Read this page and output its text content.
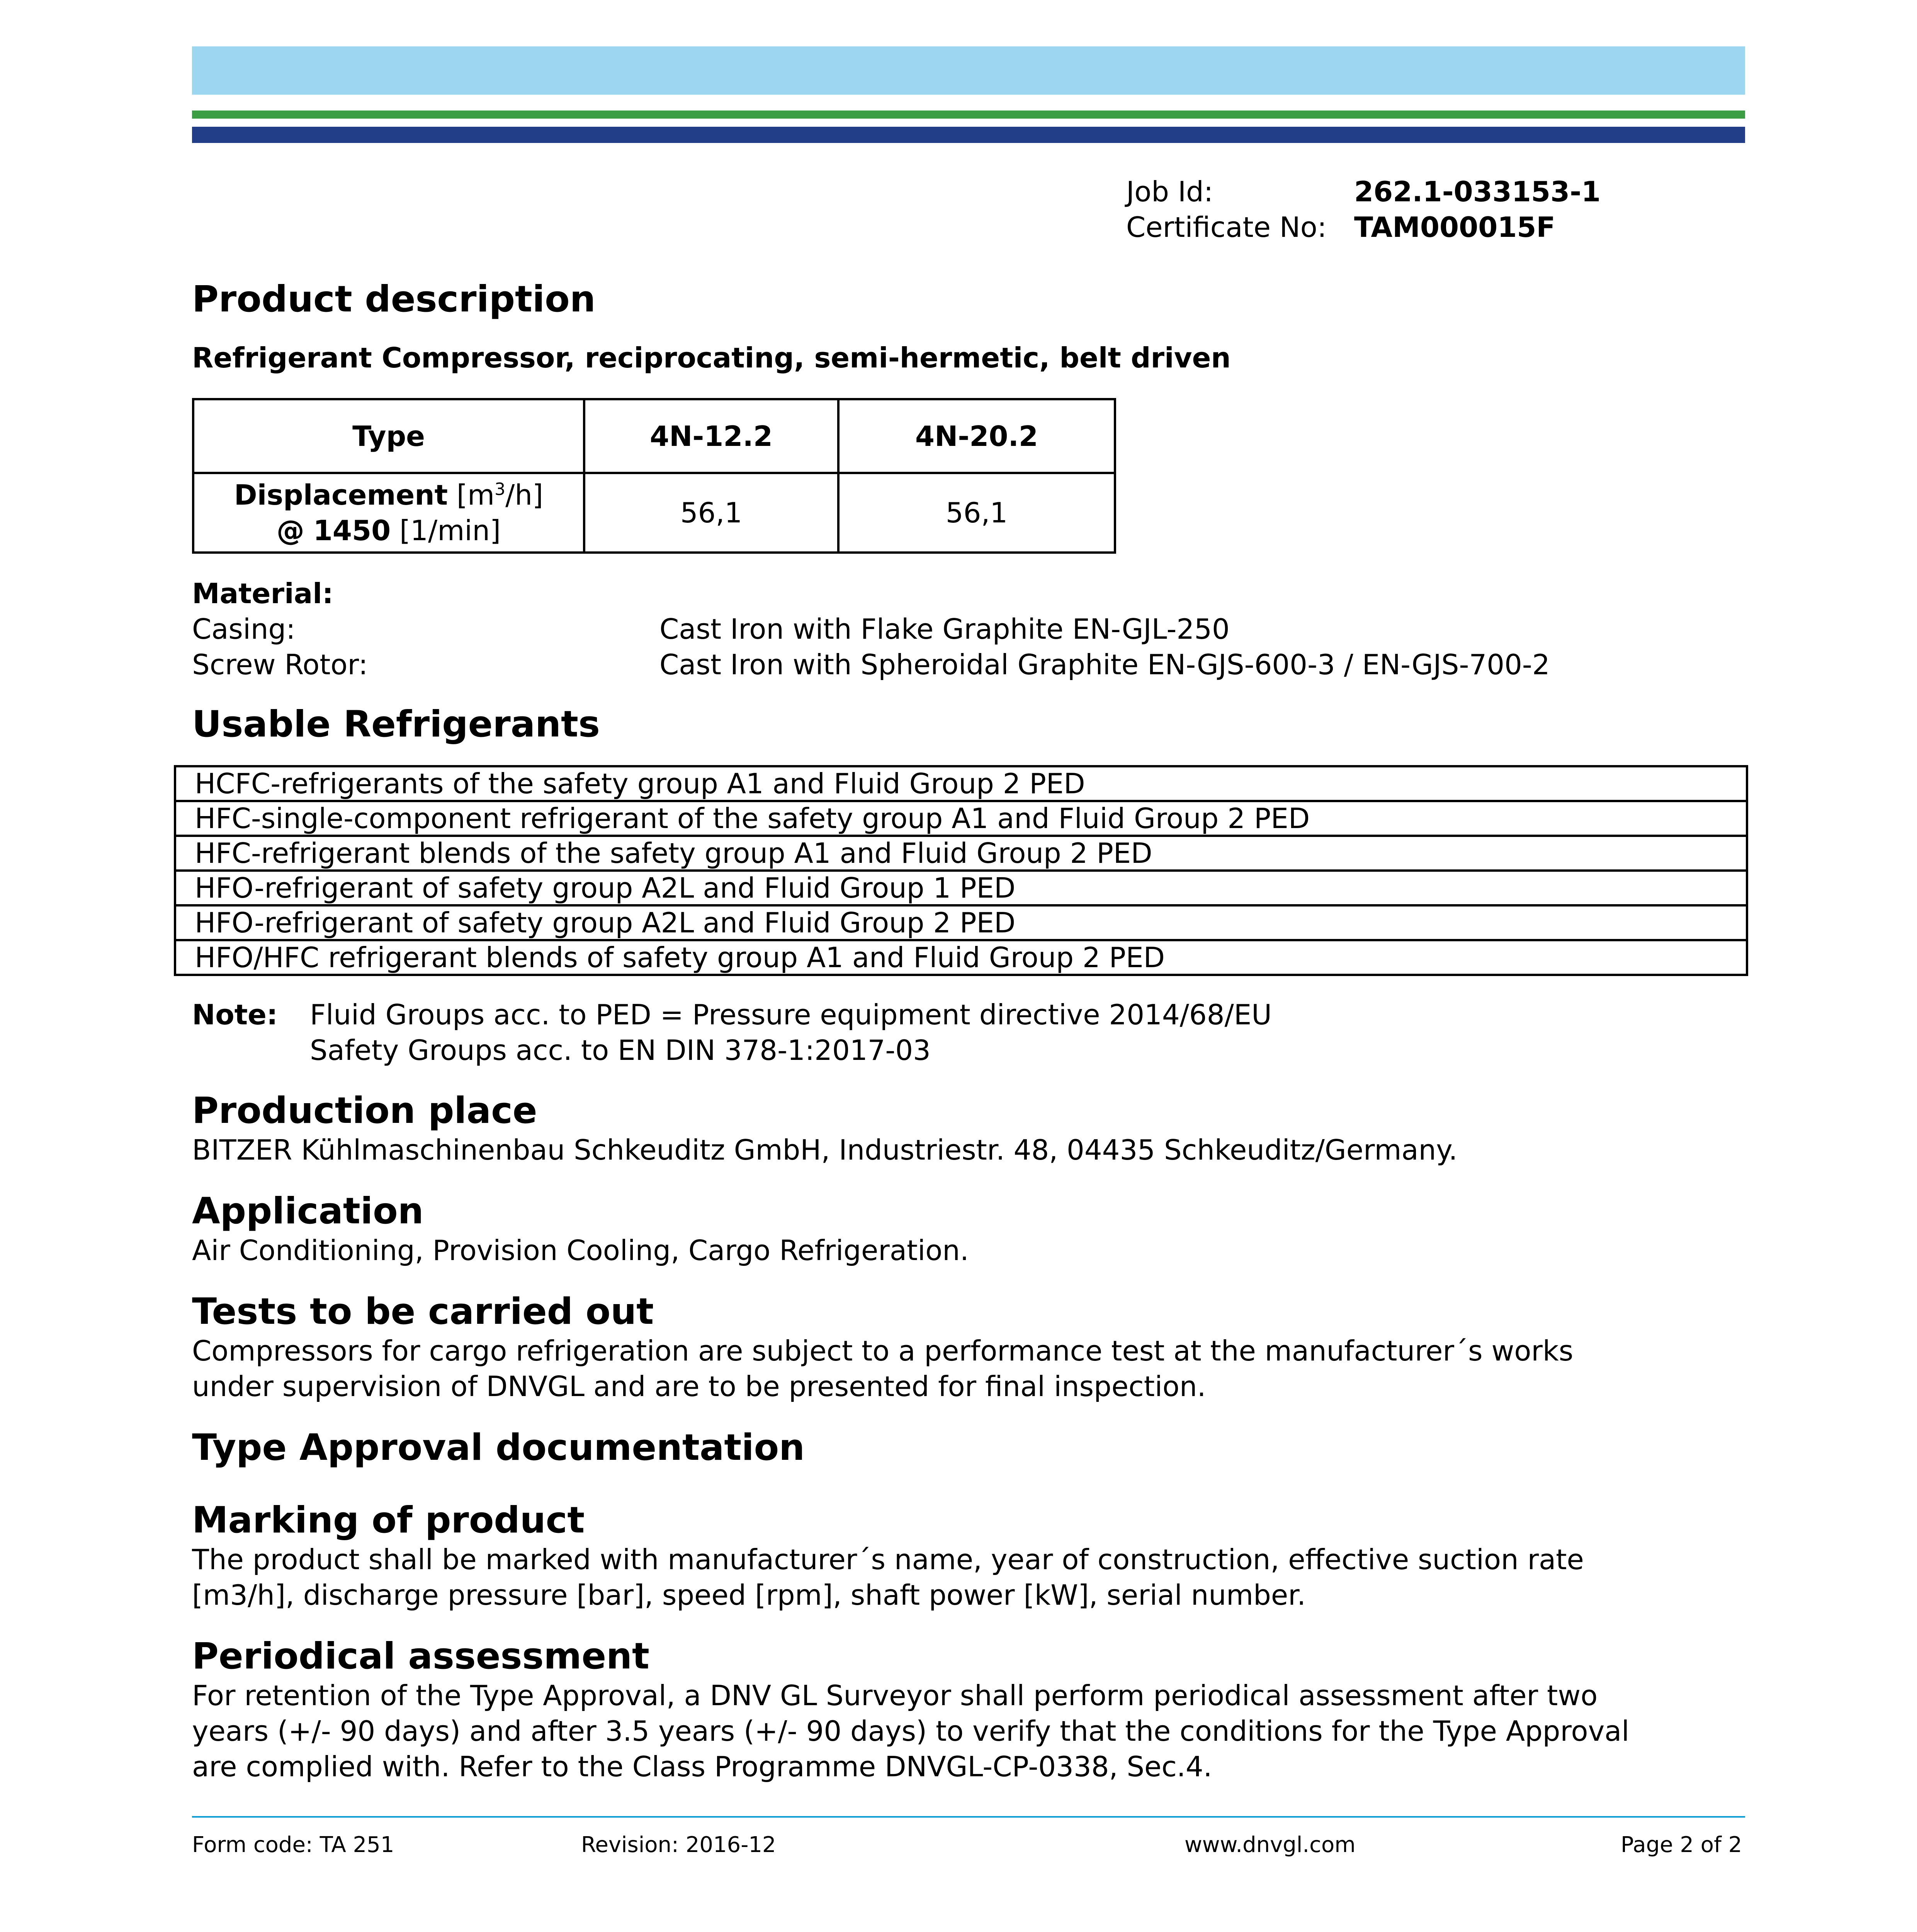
Job Id:	262.1-033153-1
Certificate No: TAM000015F
Product description
Refrigerant Compressor, reciprocating, semi-hermetic, belt driven
Type	4N-12.2	4N-20.2
Displacement $[m^3/h]$
@ 1450 [1/min]	56,1	56,1
Material:
Casing:	Cast Iron with Flake Graphite EN-GJL-250
Screw Rotor:	Cast Iron with Spheroidal Graphite EN-GJS-600-3 / EN-GJS-700-2
Usable Refrigerants
HCFC-refrigerants of the safety group A1 and Fluid Group 2 PED
HFC-single-component refrigerant of the safety group A1 and Fluid Group 2 PED
HFC-refrigerant blends of the safety group A1 and Fluid Group 2 PED
HFO-refrigerant of safety group A2L and Fluid Group 1 PED
HFO-refrigerant of safety group A2L and Fluid Group 2 PED
HFO/HFC refrigerant blends of safety group A1 and Fluid Group 2 PED
Note:	Fluid Groups acc. to PED = Pressure equipment directive 2014/68/EU
Safety Groups acc. to EN DIN 378-1:2017-03
Production place
BITZER Kühlmaschinenbau Schkeuditz GmbH, Industriestr. 48, 04435 Schkeuditz/Germany.
Application
Air Conditioning, Provision Cooling, Cargo Refrigeration.
Tests to be carried out
Compressors for cargo refrigeration are subject to a performance test at the manufacturer´s works
under supervision of DNVGL and are to be presented for final inspection.
Type Approval documentation
Marking of product
The product shall be marked with manufacturer´s name, year of construction, effective suction rate
[m3/h], discharge pressure [bar], speed [rpm], shaft power [kW], serial number.
Periodical assessment
For retention of the Type Approval, a DNV GL Surveyor shall perform periodical assessment after two
years (+/- 90 days) and after 3.5 years (+/- 90 days) to verify that the conditions for the Type Approval
are complied with. Refer to the Class Programme DNVGL-CP-0338, Sec.4.
Form code: TA 251	Revision: 2016-12	www.dnvgl.com	Page 2 of 2
